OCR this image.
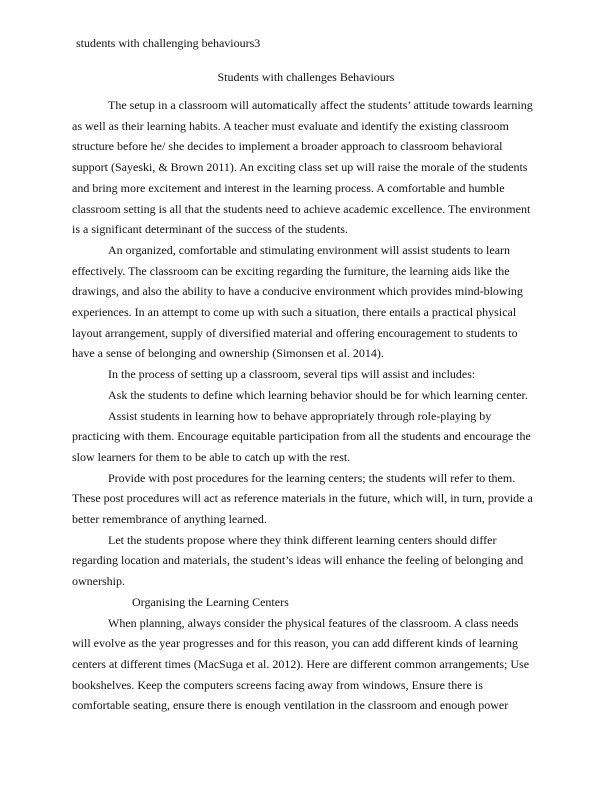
students with challenging behaviours3
Students with challenges Behaviours

The setup in a classroom will automatically affect the students’ attitude towards learning as well as their learning habits. A teacher must evaluate and identify the existing classroom structure before he/ she decides to implement a broader approach to classroom behavioral support (Sayeski, & Brown 2011). An exciting class set up will raise the morale of the students and bring more excitement and interest in the learning process. A comfortable and humble classroom setting is all that the students need to achieve academic excellence. The environment is a significant determinant of the success of the students.

An organized, comfortable and stimulating environment will assist students to learn effectively. The classroom can be exciting regarding the furniture, the learning aids like the drawings, and also the ability to have a conducive environment which provides mind-blowing experiences. In an attempt to come up with such a situation, there entails a practical physical layout arrangement, supply of diversified material and offering encouragement to students to have a sense of belonging and ownership (Simonsen et al. 2014).

In the process of setting up a classroom, several tips will assist and includes:

Ask the students to define which learning behavior should be for which learning center.

Assist students in learning how to behave appropriately through role-playing by practicing with them. Encourage equitable participation from all the students and encourage the slow learners for them to be able to catch up with the rest.

Provide with post procedures for the learning centers; the students will refer to them. These post procedures will act as reference materials in the future, which will, in turn, provide a better remembrance of anything learned.

Let the students propose where they think different learning centers should differ regarding location and materials, the student’s ideas will enhance the feeling of belonging and ownership.

Organising the Learning Centers

When planning, always consider the physical features of the classroom. A class needs will evolve as the year progresses and for this reason, you can add different kinds of learning centers at different times (MacSuga et al. 2012). Here are different common arrangements; Use bookshelves. Keep the computers screens facing away from windows, Ensure there is comfortable seating, ensure there is enough ventilation in the classroom and enough power
